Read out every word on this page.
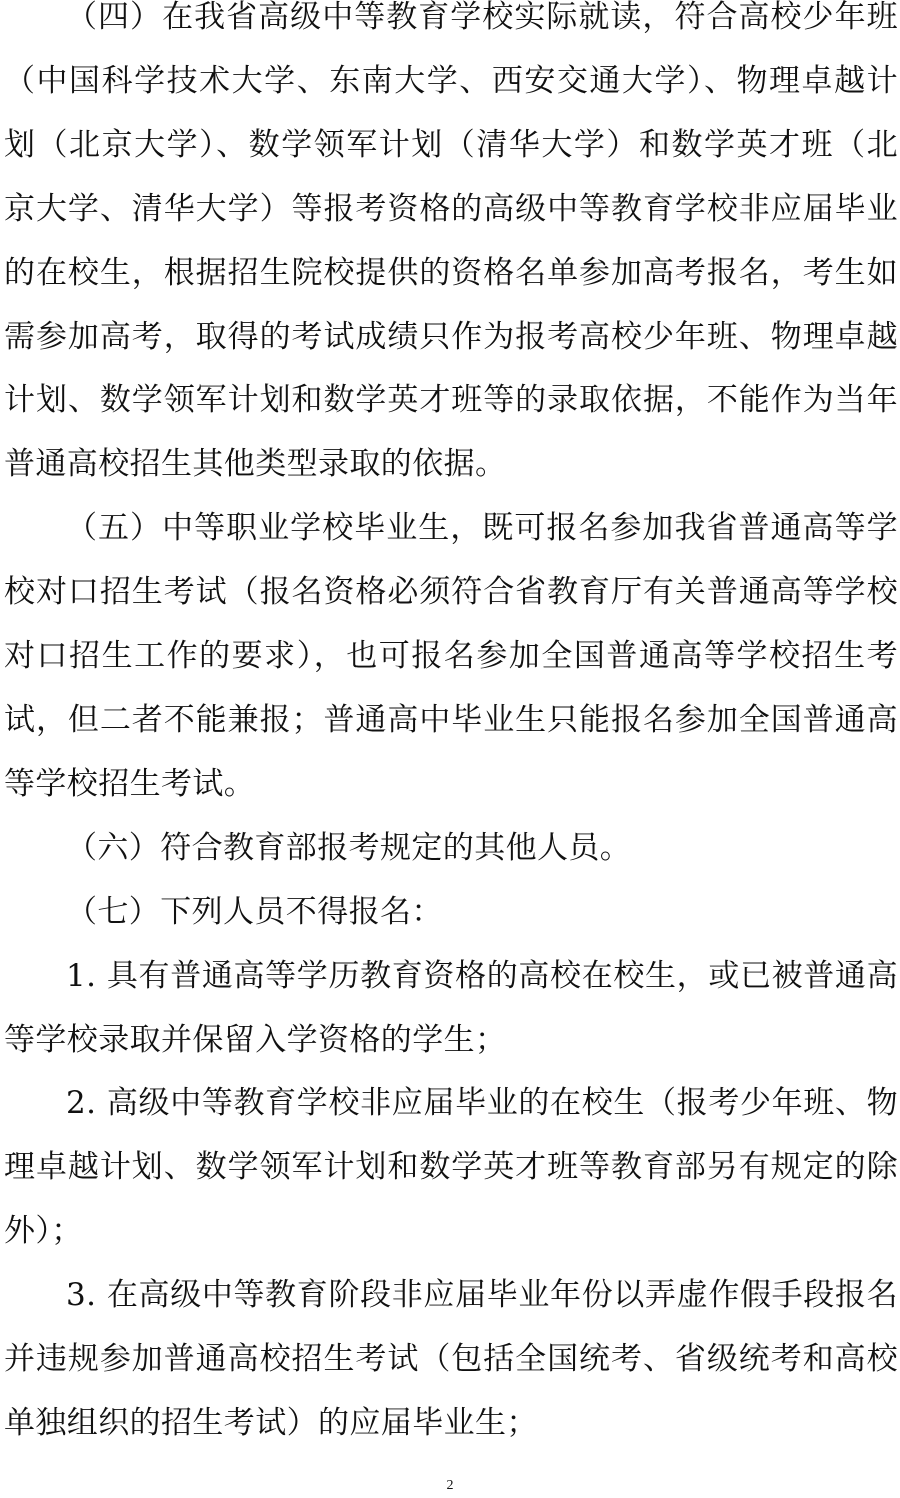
（四）在我省高级中等教育学校实际就读，符合高校少年班（中国科学技术大学、东南大学、西安交通大学）、物理卓越计划（北京大学）、数学领军计划（清华大学）和数学英才班（北京大学、清华大学）等报考资格的高级中等教育学校非应届毕业的在校生，根据招生院校提供的资格名单参加高考报名，考生如需参加高考，取得的考试成绩只作为报考高校少年班、物理卓越计划、数学领军计划和数学英才班等的录取依据，不能作为当年普通高校招生其他类型录取的依据。

（五）中等职业学校毕业生，既可报名参加我省普通高等学校对口招生考试（报名资格必须符合省教育厅有关普通高等学校对口招生工作的要求），也可报名参加全国普通高等学校招生考试，但二者不能兼报；普通高中毕业生只能报名参加全国普通高等学校招生考试。

（六）符合教育部报考规定的其他人员。

（七）下列人员不得报名：

1. 具有普通高等学历教育资格的高校在校生，或已被普通高等学校录取并保留入学资格的学生；

2. 高级中等教育学校非应届毕业的在校生（报考少年班、物理卓越计划、数学领军计划和数学英才班等教育部另有规定的除外）；

3. 在高级中等教育阶段非应届毕业年份以弄虚作假手段报名并违规参加普通高校招生考试（包括全国统考、省级统考和高校单独组织的招生考试）的应届毕业生；

2
